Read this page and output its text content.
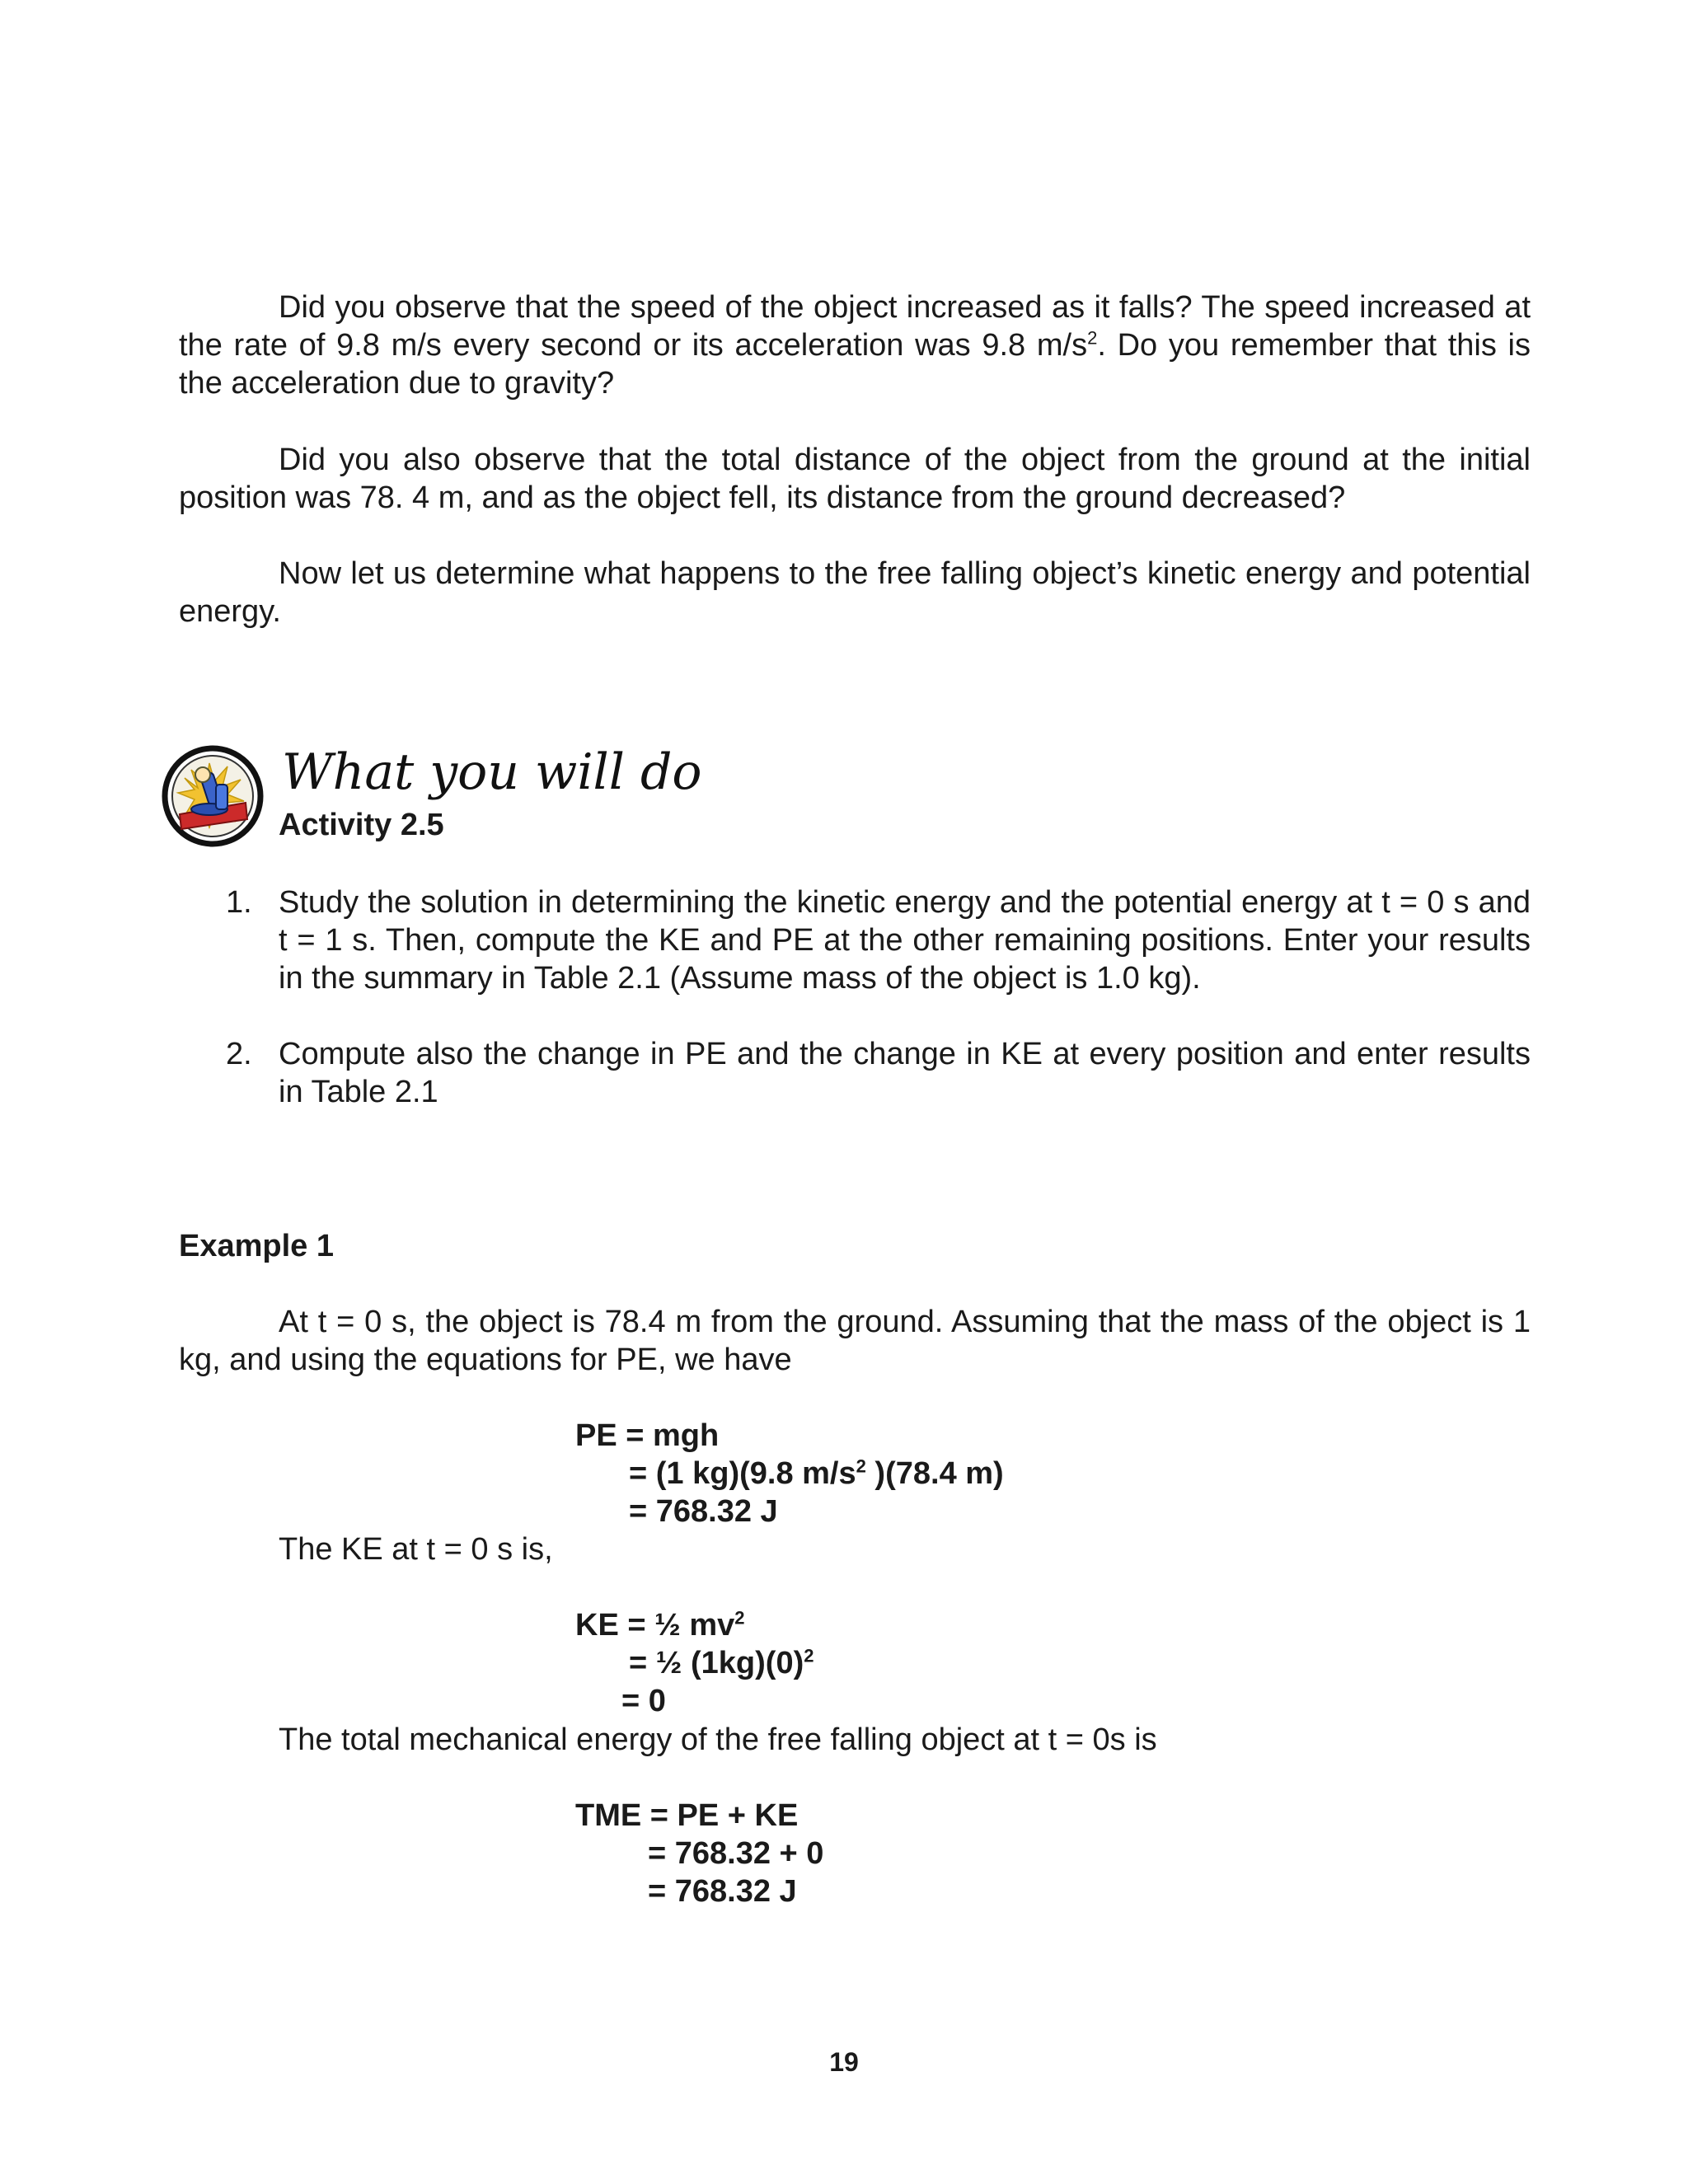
Did you observe that the speed of the object increased as it falls? The speed increased at the rate of 9.8 m/s every second or its acceleration was 9.8 $m/s^2$. Do you remember that this is the acceleration due to gravity?

Did you also observe that the total distance of the object from the ground at the initial position was 78. 4 m, and as the object fell, its distance from the ground decreased?

Now let us determine what happens to the free falling object’s kinetic energy and potential energy.

What you will do
Activity 2.5
1. Study the solution in determining the kinetic energy and the potential energy at t = 0 s and t = 1 s. Then, compute the KE and PE at the other remaining positions. Enter your results in the summary in Table 2.1 (Assume mass of the object is 1.0 kg).
2. Compute also the change in PE and the change in KE at every position and enter results in Table 2.1

Example 1

At t = 0 s, the object is 78.4 m from the ground. Assuming that the mass of the object is 1 kg, and using the equations for PE, we have

PE = mgh
= (1 kg)(9.8 $m/s^2$ )(78.4 m)
= 768.32 J
The KE at t = 0 s is,
KE = ½ $mv^2$
= ½ $(1kg)(0)^2$
= 0
The total mechanical energy of the free falling object at t = 0s is
TME = PE + KE
= 768.32 + 0
= 768.32 J
19
